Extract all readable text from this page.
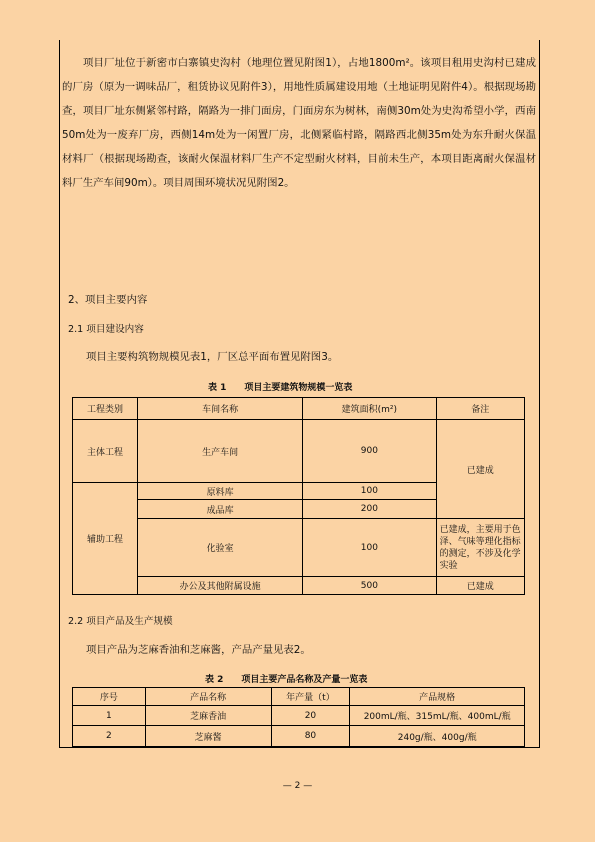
项目厂址位于新密市白寨镇史沟村（地理位置见附图1），占地1800m²。该项目租用史沟村已建成的厂房（原为一调味品厂，租赁协议见附件3），用地性质属建设用地（土地证明见附件4）。根据现场勘查，项目厂址东侧紧邻村路，隔路为一排门面房，门面房东为树林，南侧30m处为史沟希望小学，西南50m处为一废弃厂房，西侧14m处为一闲置厂房，北侧紧临村路，隔路西北侧35m处为东升耐火保温材料厂（根据现场勘查，该耐火保温材料厂生产不定型耐火材料，目前未生产，本项目距离耐火保温材料厂生产车间90m）。项目周围环境状况见附图2。

2、项目主要内容

2.1 项目建设内容

项目主要构筑物规模见表1，厂区总平面布置见附图3。

表 1　　项目主要建筑物规模一览表

工程类别	车间名称	建筑面积(m²)	备注
主体工程	生产车间	900	已建成
辅助工程	原料库	100	
	成品库	200	
	化验室	100	已建成，主要用于色泽、气味等理化指标的测定，不涉及化学实验
	办公及其他附属设施	500	已建成

2.2 项目产品及生产规模

项目产品为芝麻香油和芝麻酱，产品产量见表2。

表 2　　项目主要产品名称及产量一览表

序号	产品名称	年产量（t）	产品规格
1	芝麻香油	20	200mL/瓶、315mL/瓶、400mL/瓶
2	芝麻酱	80	240g/瓶、400g/瓶
— 2 —
